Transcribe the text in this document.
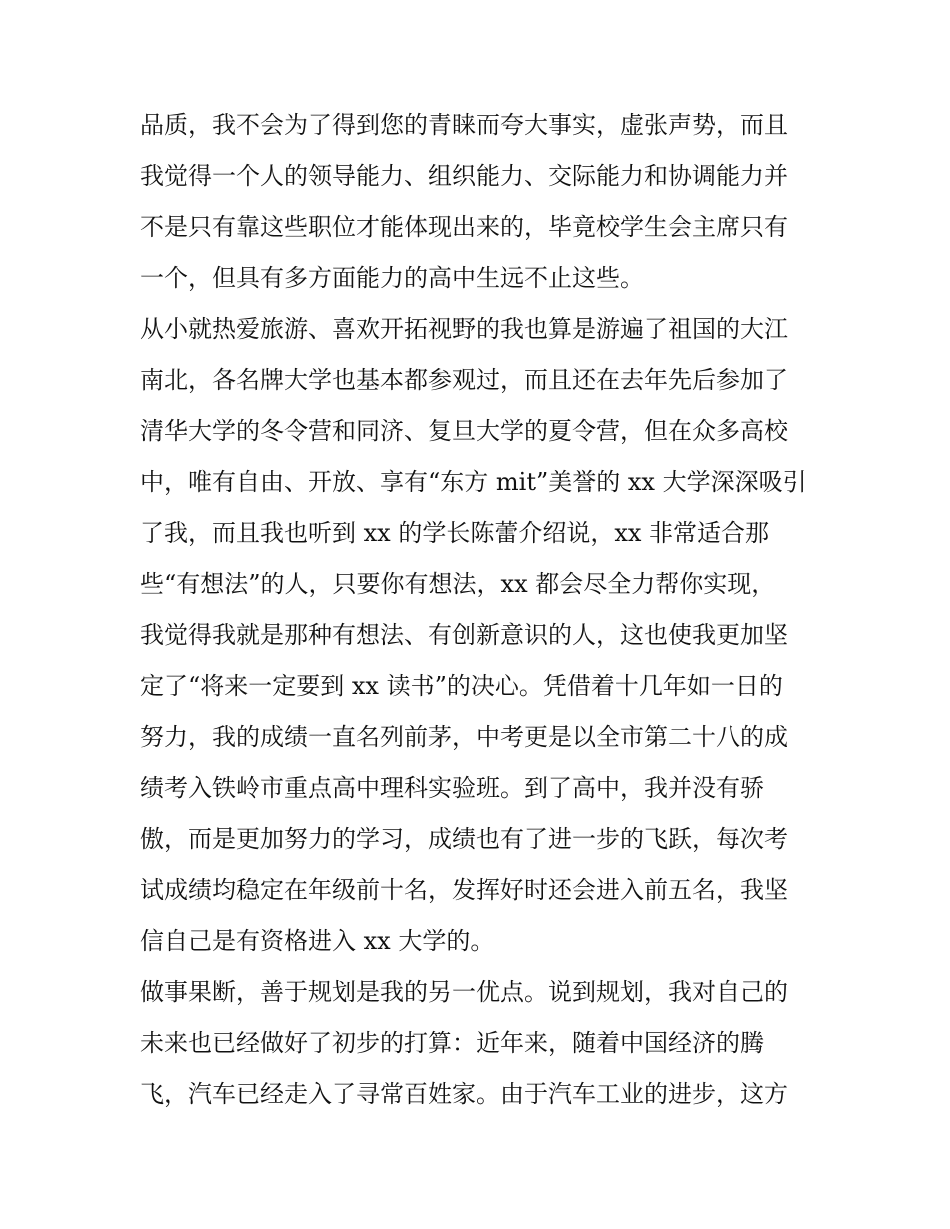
品质，我不会为了得到您的青睐而夸大事实，虚张声势，而且
我觉得一个人的领导能力、组织能力、交际能力和协调能力并
不是只有靠这些职位才能体现出来的，毕竟校学生会主席只有
一个，但具有多方面能力的高中生远不止这些。
从小就热爱旅游、喜欢开拓视野的我也算是游遍了祖国的大江
南北，各名牌大学也基本都参观过，而且还在去年先后参加了
清华大学的冬令营和同济、复旦大学的夏令营，但在众多高校
中，唯有自由、开放、享有“东方 mit”美誉的 xx 大学深深吸引
了我，而且我也听到 xx 的学长陈蕾介绍说，xx 非常适合那
些“有想法”的人，只要你有想法，xx 都会尽全力帮你实现，
我觉得我就是那种有想法、有创新意识的人，这也使我更加坚
定了“将来一定要到 xx 读书”的决心。凭借着十几年如一日的
努力，我的成绩一直名列前茅，中考更是以全市第二十八的成
绩考入铁岭市重点高中理科实验班。到了高中，我并没有骄
傲，而是更加努力的学习，成绩也有了进一步的飞跃，每次考
试成绩均稳定在年级前十名，发挥好时还会进入前五名，我坚
信自己是有资格进入 xx 大学的。
做事果断，善于规划是我的另一优点。说到规划，我对自己的
未来也已经做好了初步的打算：近年来，随着中国经济的腾
飞，汽车已经走入了寻常百姓家。由于汽车工业的进步，这方
